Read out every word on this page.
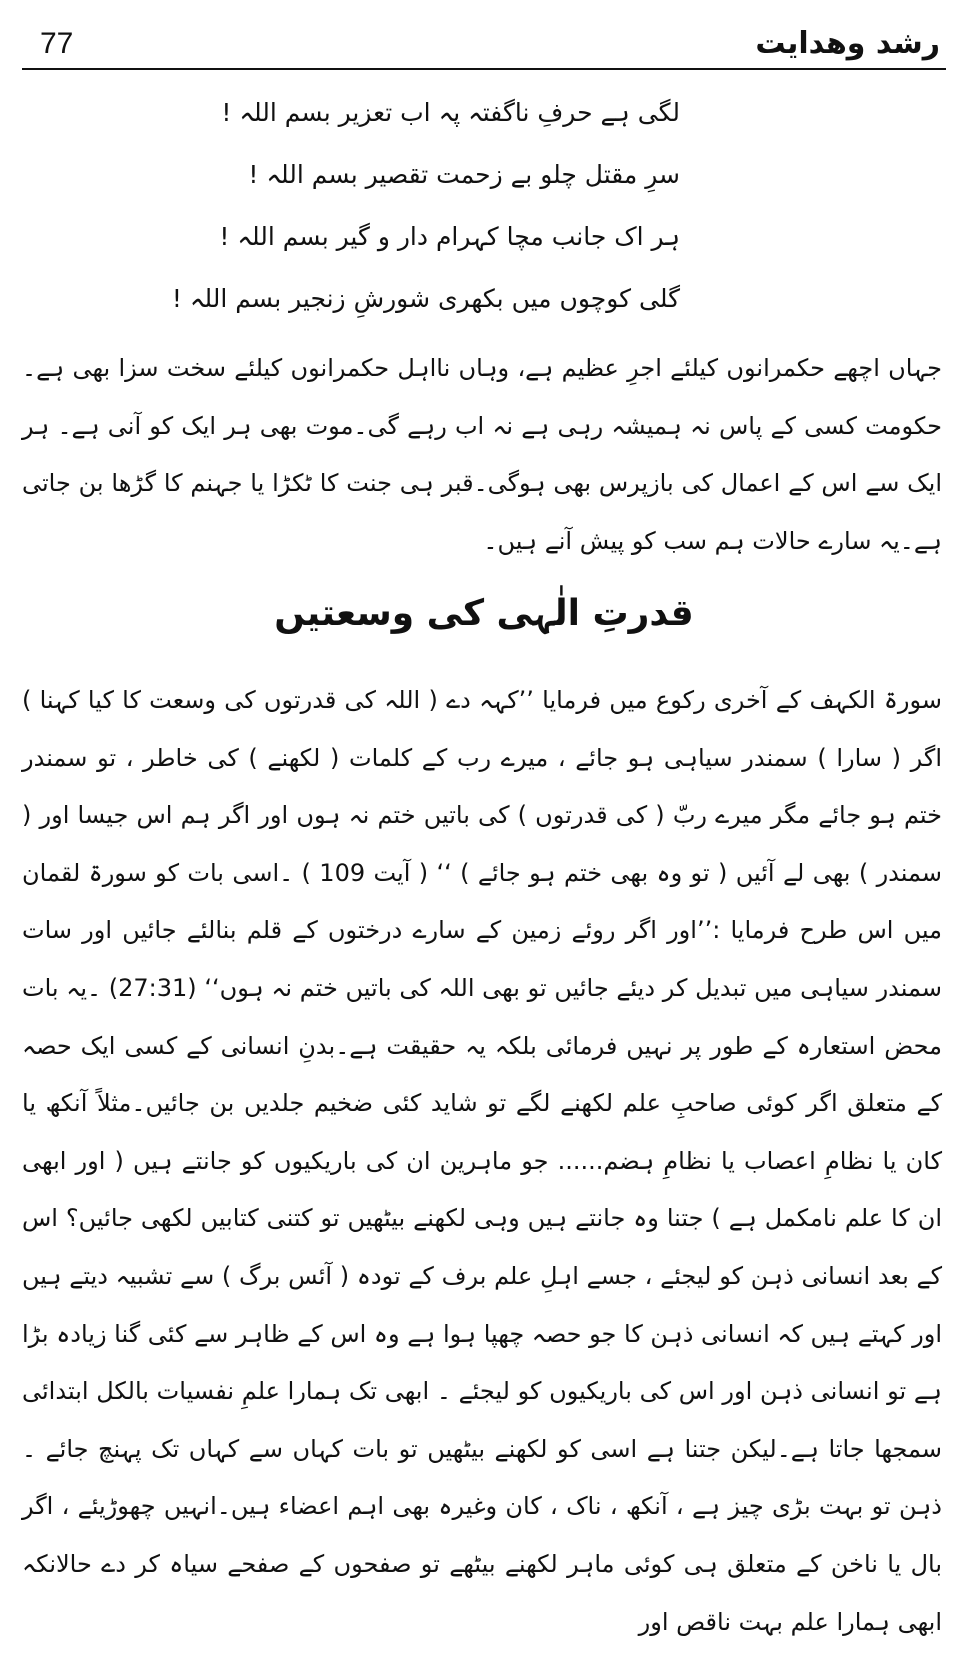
77	رشد وھدایت
لگی ہے حرفِ ناگفتہ پہ اب تعزیر بسم اللہ !
سرِ مقتل چلو بے زحمت تقصیر بسم اللہ !
ہر اک جانب مچا کہرام دار و گیر بسم اللہ !
گلی کوچوں میں بکھری شورشِ زنجیر بسم اللہ !

جہاں اچھے حکمرانوں کیلئے اجرِ عظیم ہے، وہاں نااہل حکمرانوں کیلئے سخت سزا بھی ہے۔حکومت کسی کے پاس نہ ہمیشہ رہی ہے نہ اب رہے گی۔موت بھی ہر ایک کو آنی ہے۔ ہر ایک سے اس کے اعمال کی بازپرس بھی ہوگی۔قبر ہی جنت کا ٹکڑا یا جہنم کا گڑھا بن جاتی ہے۔یہ سارے حالات ہم سب کو پیش آنے ہیں۔

قدرتِ الٰہی کی وسعتیں

سورۃ الکہف کے آخری رکوع میں فرمایا ’’کہہ دے ( اللہ کی قدرتوں کی وسعت کا کیا کہنا ) اگر ( سارا ) سمندر سیاہی ہو جائے ، میرے رب کے کلمات ( لکھنے ) کی خاطر ، تو سمندر ختم ہو جائے مگر میرے ربّ ( کی قدرتوں ) کی باتیں ختم نہ ہوں اور اگر ہم اس جیسا اور ( سمندر ) بھی لے آئیں ( تو وہ بھی ختم ہو جائے ) ‘‘ ( آیت 109 ) ۔اسی بات کو سورۃ لقمان میں اس طرح فرمایا :’’اور اگر روئے زمین کے سارے درختوں کے قلم بنالئے جائیں اور سات سمندر سیاہی میں تبدیل کر دیئے جائیں تو بھی اللہ کی باتیں ختم نہ ہوں‘‘ (27:31) ۔یہ بات محض استعارہ کے طور پر نہیں فرمائی بلکہ یہ حقیقت ہے۔بدنِ انسانی کے کسی ایک حصہ کے متعلق اگر کوئی صاحبِ علم لکھنے لگے تو شاید کئی ضخیم جلدیں بن جائیں۔مثلاً آنکھ یا کان یا نظامِ اعصاب یا نظامِ ہضم...... جو ماہرین ان کی باریکیوں کو جانتے ہیں ( اور ابھی ان کا علم نامکمل ہے ) جتنا وہ جانتے ہیں وہی لکھنے بیٹھیں تو کتنی کتابیں لکھی جائیں؟ اس کے بعد انسانی ذہن کو لیجئے ، جسے اہلِ علم برف کے تودہ ( آئس برگ ) سے تشبیہ دیتے ہیں اور کہتے ہیں کہ انسانی ذہن کا جو حصہ چھپا ہوا ہے وہ اس کے ظاہر سے کئی گنا زیادہ بڑا ہے تو انسانی ذہن اور اس کی باریکیوں کو لیجئے ۔ ابھی تک ہمارا علمِ نفسیات بالکل ابتدائی سمجھا جاتا ہے۔لیکن جتنا ہے اسی کو لکھنے بیٹھیں تو بات کہاں سے کہاں تک پہنچ جائے ۔ ذہن تو بہت بڑی چیز ہے ، آنکھ ، ناک ، کان وغیرہ بھی اہم اعضاء ہیں۔انہیں چھوڑیئے ، اگر بال یا ناخن کے متعلق ہی کوئی ماہر لکھنے بیٹھے تو صفحوں کے صفحے سیاہ کر دے حالانکہ ابھی ہمارا علم بہت ناقص اور
